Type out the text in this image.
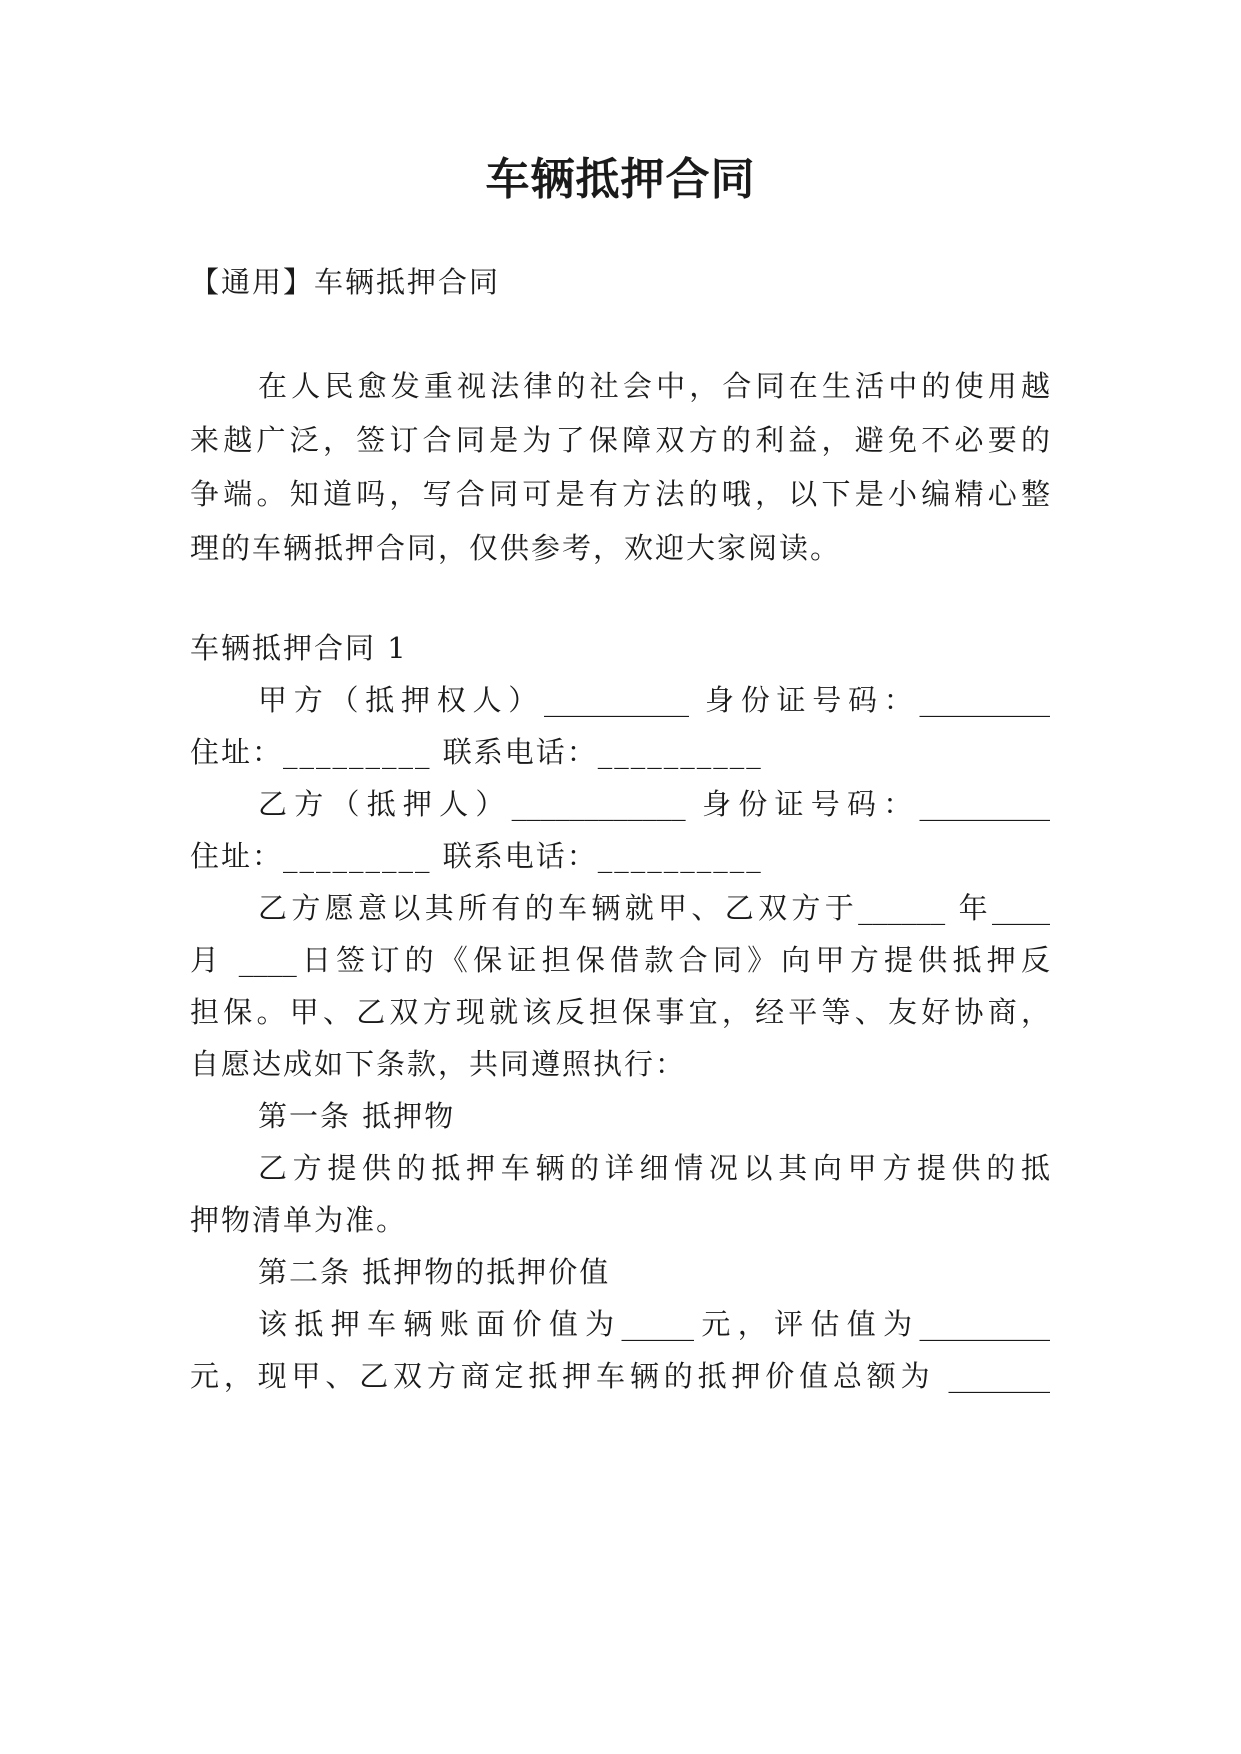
车辆抵押合同
【通用】车辆抵押合同
在人民愈发重视法律的社会中，合同在生活中的使用越
来越广泛，签订合同是为了保障双方的利益，避免不必要的
争端。知道吗，写合同可是有方法的哦，以下是小编精心整
理的车辆抵押合同，仅供参考，欢迎大家阅读。
车辆抵押合同 1
甲方（抵押权人）__________ 身份证号码：_________
住址：_________ 联系电话：__________
乙方（抵押人）____________ 身份证号码：_________
住址：_________ 联系电话：__________
乙方愿意以其所有的车辆就甲、乙双方于______ 年____
月 ____日签订的《保证担保借款合同》向甲方提供抵押反
担保。甲、乙双方现就该反担保事宜，经平等、友好协商，
自愿达成如下条款，共同遵照执行：
第一条 抵押物
乙方提供的抵押车辆的详细情况以其向甲方提供的抵
押物清单为准。
第二条 抵押物的抵押价值
该抵押车辆账面价值为_____元，评估值为_________
元，现甲、乙双方商定抵押车辆的抵押价值总额为 _______
